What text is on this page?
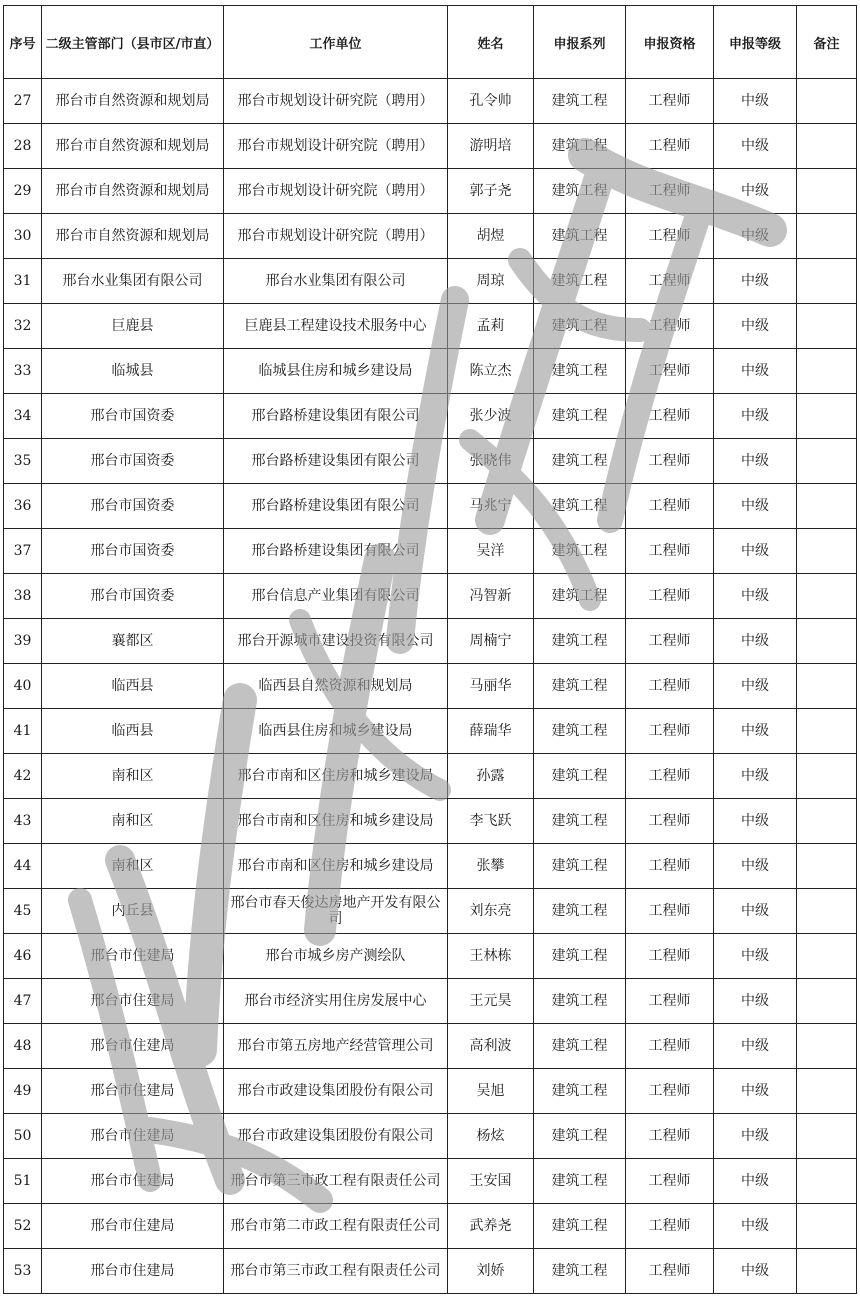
序号	二级主管部门（县市区/市直）	工作单位	姓名	申报系列	申报资格	申报等级	备注
27	邢台市自然资源和规划局	邢台市规划设计研究院（聘用）	孔令帅	建筑工程	工程师	中级	
28	邢台市自然资源和规划局	邢台市规划设计研究院（聘用）	游明培	建筑工程	工程师	中级	
29	邢台市自然资源和规划局	邢台市规划设计研究院（聘用）	郭子尧	建筑工程	工程师	中级	
30	邢台市自然资源和规划局	邢台市规划设计研究院（聘用）	胡煜	建筑工程	工程师	中级	
31	邢台水业集团有限公司	邢台水业集团有限公司	周琼	建筑工程	工程师	中级	
32	巨鹿县	巨鹿县工程建设技术服务中心	孟莉	建筑工程	工程师	中级	
33	临城县	临城县住房和城乡建设局	陈立杰	建筑工程	工程师	中级	
34	邢台市国资委	邢台路桥建设集团有限公司	张少波	建筑工程	工程师	中级	
35	邢台市国资委	邢台路桥建设集团有限公司	张晓伟	建筑工程	工程师	中级	
36	邢台市国资委	邢台路桥建设集团有限公司	马兆宁	建筑工程	工程师	中级	
37	邢台市国资委	邢台路桥建设集团有限公司	吴洋	建筑工程	工程师	中级	
38	邢台市国资委	邢台信息产业集团有限公司	冯智新	建筑工程	工程师	中级	
39	襄都区	邢台开源城市建设投资有限公司	周楠宁	建筑工程	工程师	中级	
40	临西县	临西县自然资源和规划局	马丽华	建筑工程	工程师	中级	
41	临西县	临西县住房和城乡建设局	薛瑞华	建筑工程	工程师	中级	
42	南和区	邢台市南和区住房和城乡建设局	孙露	建筑工程	工程师	中级	
43	南和区	邢台市南和区住房和城乡建设局	李飞跃	建筑工程	工程师	中级	
44	南和区	邢台市南和区住房和城乡建设局	张攀	建筑工程	工程师	中级	
45	内丘县	邢台市春天俊达房地产开发有限公司	刘东亮	建筑工程	工程师	中级	
46	邢台市住建局	邢台市城乡房产测绘队	王林栋	建筑工程	工程师	中级	
47	邢台市住建局	邢台市经济实用住房发展中心	王元昊	建筑工程	工程师	中级	
48	邢台市住建局	邢台市第五房地产经营管理公司	高利波	建筑工程	工程师	中级	
49	邢台市住建局	邢台市政建设集团股份有限公司	吴旭	建筑工程	工程师	中级	
50	邢台市住建局	邢台市政建设集团股份有限公司	杨炫	建筑工程	工程师	中级	
51	邢台市住建局	邢台市第三市政工程有限责任公司	王安国	建筑工程	工程师	中级	
52	邢台市住建局	邢台市第二市政工程有限责任公司	武养尧	建筑工程	工程师	中级	
53	邢台市住建局	邢台市第三市政工程有限责任公司	刘娇	建筑工程	工程师	中级	
